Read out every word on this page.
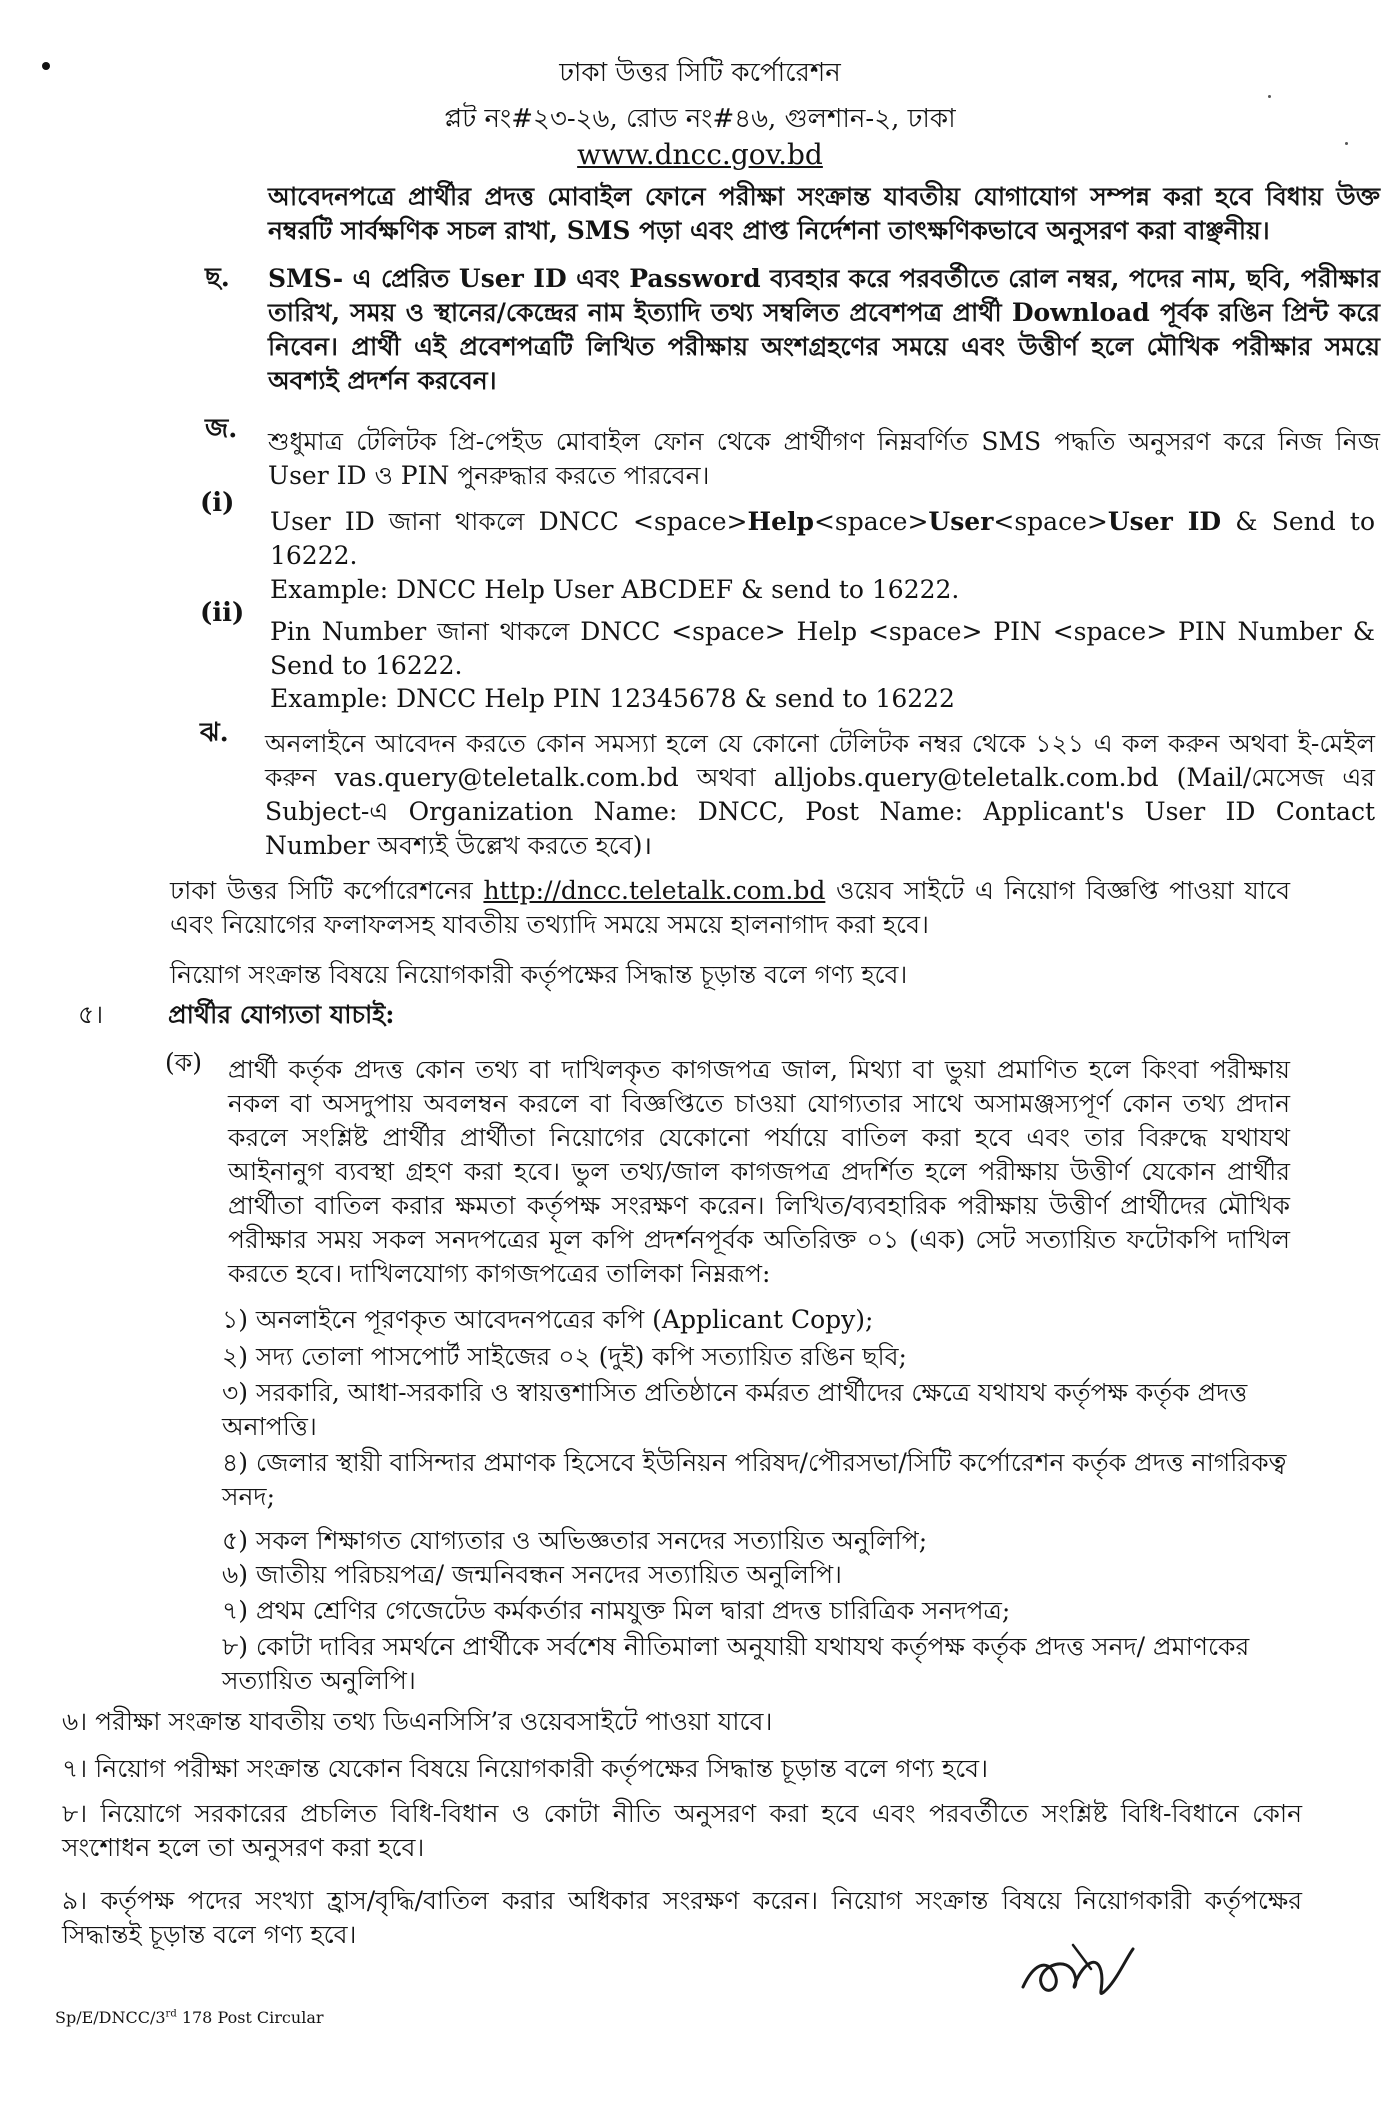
ঢাকা উত্তর সিটি কর্পোরেশন
প্লট নং#২৩-২৬, রোড নং#৪৬, গুলশান-২, ঢাকা
www.dncc.gov.bd
আবেদনপত্রে প্রার্থীর প্রদত্ত মোবাইল ফোনে পরীক্ষা সংক্রান্ত যাবতীয় যোগাযোগ সম্পন্ন করা হবে বিধায় উক্ত নম্বরটি সার্বক্ষণিক সচল রাখা, SMS পড়া এবং প্রাপ্ত নির্দেশনা তাৎক্ষণিকভাবে অনুসরণ করা বাঞ্ছনীয়।
ছ. SMS- এ প্রেরিত User ID এবং Password ব্যবহার করে পরবর্তীতে রোল নম্বর, পদের নাম, ছবি, পরীক্ষার তারিখ, সময় ও স্থানের/কেন্দ্রের নাম ইত্যাদি তথ্য সম্বলিত প্রবেশপত্র প্রার্থী Download পূর্বক রঙিন প্রিন্ট করে নিবেন। প্রার্থী এই প্রবেশপত্রটি লিখিত পরীক্ষায় অংশগ্রহণের সময়ে এবং উত্তীর্ণ হলে মৌখিক পরীক্ষার সময়ে অবশ্যই প্রদর্শন করবেন।
জ. শুধুমাত্র টেলিটক প্রি-পেইড মোবাইল ফোন থেকে প্রার্থীগণ নিম্নবর্ণিত SMS পদ্ধতি অনুসরণ করে নিজ নিজ User ID ও PIN পুনরুদ্ধার করতে পারবেন।
(i)
User ID জানা থাকলে DNCC <space>Help<space>User<space>User ID & Send to 16222.
Example: DNCC Help User ABCDEF & send to 16222.
(ii)
Pin Number জানা থাকলে DNCC <space> Help <space> PIN <space> PIN Number & Send to 16222.
Example: DNCC Help PIN 12345678 & send to 16222
ঝ. অনলাইনে আবেদন করতে কোন সমস্যা হলে যে কোনো টেলিটক নম্বর থেকে ১২১ এ কল করুন অথবা ই-মেইল করুন vas.query@teletalk.com.bd অথবা alljobs.query@teletalk.com.bd (Mail/মেসেজ এর Subject-এ Organization Name: DNCC, Post Name: Applicant's User ID Contact Number অবশ্যই উল্লেখ করতে হবে)।
ঢাকা উত্তর সিটি কর্পোরেশনের http://dncc.teletalk.com.bd ওয়েব সাইটে এ নিয়োগ বিজ্ঞপ্তি পাওয়া যাবে এবং নিয়োগের ফলাফলসহ যাবতীয় তথ্যাদি সময়ে সময়ে হালনাগাদ করা হবে।
নিয়োগ সংক্রান্ত বিষয়ে নিয়োগকারী কর্তৃপক্ষের সিদ্ধান্ত চূড়ান্ত বলে গণ্য হবে।
৫।	প্রার্থীর যোগ্যতা যাচাই:
(ক) প্রার্থী কর্তৃক প্রদত্ত কোন তথ্য বা দাখিলকৃত কাগজপত্র জাল, মিথ্যা বা ভুয়া প্রমাণিত হলে কিংবা পরীক্ষায় নকল বা অসদুপায় অবলম্বন করলে বা বিজ্ঞপ্তিতে চাওয়া যোগ্যতার সাথে অসামঞ্জস্যপূর্ণ কোন তথ্য প্রদান করলে সংশ্লিষ্ট প্রার্থীর প্রার্থীতা নিয়োগের যেকোনো পর্যায়ে বাতিল করা হবে এবং তার বিরুদ্ধে যথাযথ আইনানুগ ব্যবস্থা গ্রহণ করা হবে। ভুল তথ্য/জাল কাগজপত্র প্রদর্শিত হলে পরীক্ষায় উত্তীর্ণ যেকোন প্রার্থীর প্রার্থীতা বাতিল করার ক্ষমতা কর্তৃপক্ষ সংরক্ষণ করেন। লিখিত/ব্যবহারিক পরীক্ষায় উত্তীর্ণ প্রার্থীদের মৌখিক পরীক্ষার সময় সকল সনদপত্রের মূল কপি প্রদর্শনপূর্বক অতিরিক্ত ০১ (এক) সেট সত্যায়িত ফটোকপি দাখিল করতে হবে। দাখিলযোগ্য কাগজপত্রের তালিকা নিম্নরূপ:
১) অনলাইনে পূরণকৃত আবেদনপত্রের কপি (Applicant Copy);
২) সদ্য তোলা পাসপোর্ট সাইজের ০২ (দুই) কপি সত্যায়িত রঙিন ছবি;
৩) সরকারি, আধা-সরকারি ও স্বায়ত্তশাসিত প্রতিষ্ঠানে কর্মরত প্রার্থীদের ক্ষেত্রে যথাযথ কর্তৃপক্ষ কর্তৃক প্রদত্ত অনাপত্তি।
৪) জেলার স্থায়ী বাসিন্দার প্রমাণক হিসেবে ইউনিয়ন পরিষদ/পৌরসভা/সিটি কর্পোরেশন কর্তৃক প্রদত্ত নাগরিকত্ব সনদ;
৫) সকল শিক্ষাগত যোগ্যতার ও অভিজ্ঞতার সনদের সত্যায়িত অনুলিপি;
৬) জাতীয় পরিচয়পত্র/ জন্মনিবন্ধন সনদের সত্যায়িত অনুলিপি।
৭) প্রথম শ্রেণির গেজেটেড কর্মকর্তার নামযুক্ত মিল দ্বারা প্রদত্ত চারিত্রিক সনদপত্র;
৮) কোটা দাবির সমর্থনে প্রার্থীকে সর্বশেষ নীতিমালা অনুযায়ী যথাযথ কর্তৃপক্ষ কর্তৃক প্রদত্ত সনদ/ প্রমাণকের সত্যায়িত অনুলিপি।
৬। পরীক্ষা সংক্রান্ত যাবতীয় তথ্য ডিএনসিসি’র ওয়েবসাইটে পাওয়া যাবে।
৭। নিয়োগ পরীক্ষা সংক্রান্ত যেকোন বিষয়ে নিয়োগকারী কর্তৃপক্ষের সিদ্ধান্ত চূড়ান্ত বলে গণ্য হবে।
৮। নিয়োগে সরকারের প্রচলিত বিধি-বিধান ও কোটা নীতি অনুসরণ করা হবে এবং পরবর্তীতে সংশ্লিষ্ট বিধি-বিধানে কোন সংশোধন হলে তা অনুসরণ করা হবে।
৯। কর্তৃপক্ষ পদের সংখ্যা হ্রাস/বৃদ্ধি/বাতিল করার অধিকার সংরক্ষণ করেন। নিয়োগ সংক্রান্ত বিষয়ে নিয়োগকারী কর্তৃপক্ষের সিদ্ধান্তই চূড়ান্ত বলে গণ্য হবে।
Sp/E/DNCC/3rd 178 Post Circular
